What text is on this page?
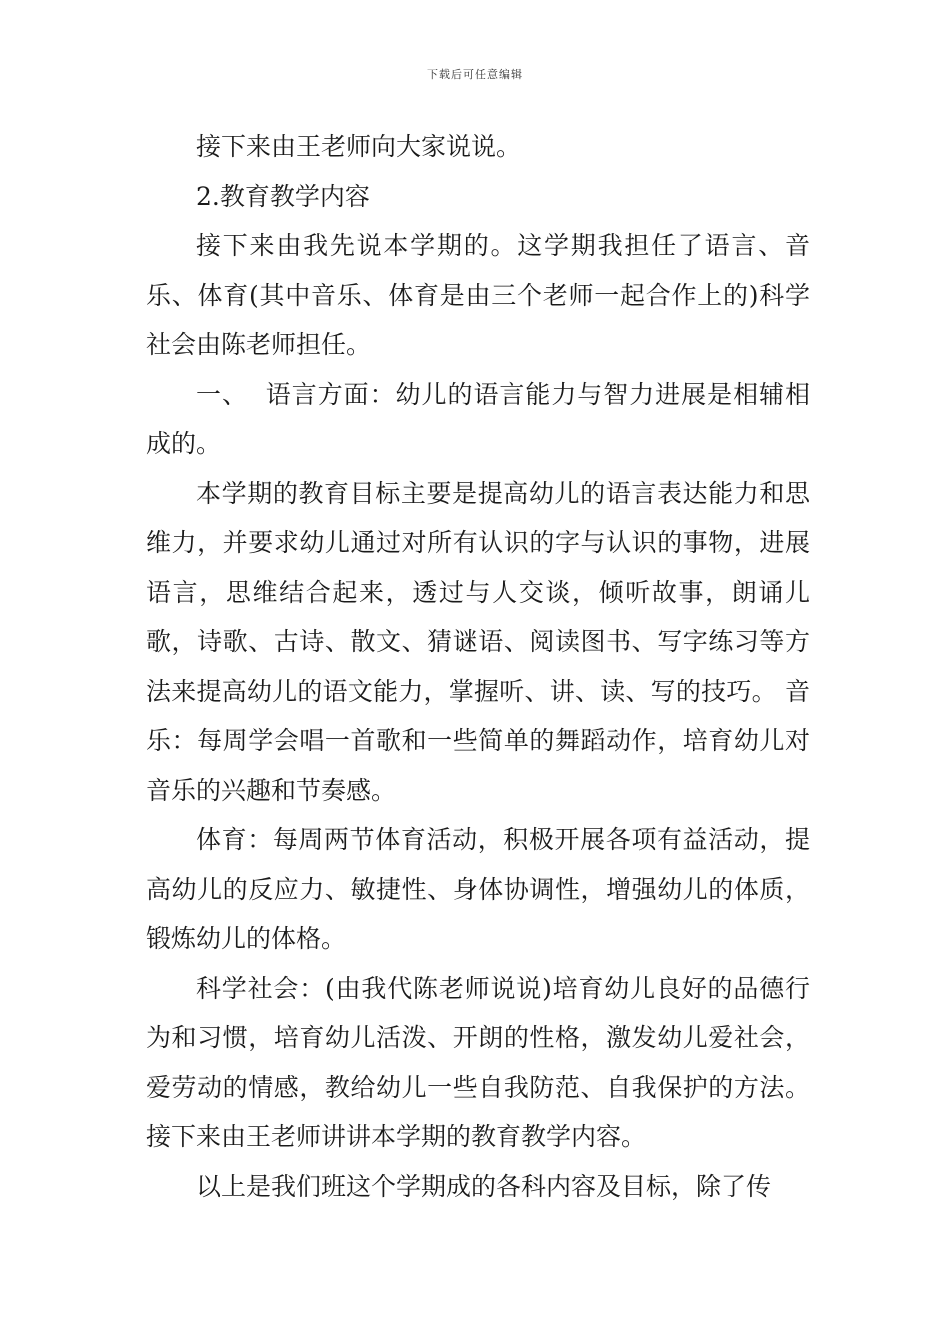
下载后可任意编辑

接下来由王老师向大家说说。

2.教育教学内容

接下来由我先说本学期的。这学期我担任了语言、音乐、体育(其中音乐、体育是由三个老师一起合作上的)科学社会由陈老师担任。

一、  语言方面：幼儿的语言能力与智力进展是相辅相成的。

本学期的教育目标主要是提高幼儿的语言表达能力和思维力，并要求幼儿通过对所有认识的字与认识的事物，进展语言，思维结合起来，透过与人交谈，倾听故事，朗诵儿歌，诗歌、古诗、散文、猜谜语、阅读图书、写字练习等方法来提高幼儿的语文能力，掌握听、讲、读、写的技巧。 音乐：每周学会唱一首歌和一些简单的舞蹈动作，培育幼儿对音乐的兴趣和节奏感。

体育：每周两节体育活动，积极开展各项有益活动，提高幼儿的反应力、敏捷性、身体协调性，增强幼儿的体质，锻炼幼儿的体格。

科学社会：(由我代陈老师说说)培育幼儿良好的品德行为和习惯，培育幼儿活泼、开朗的性格，激发幼儿爱社会，爱劳动的情感，教给幼儿一些自我防范、自我保护的方法。接下来由王老师讲讲本学期的教育教学内容。

以上是我们班这个学期成的各科内容及目标，除了传
